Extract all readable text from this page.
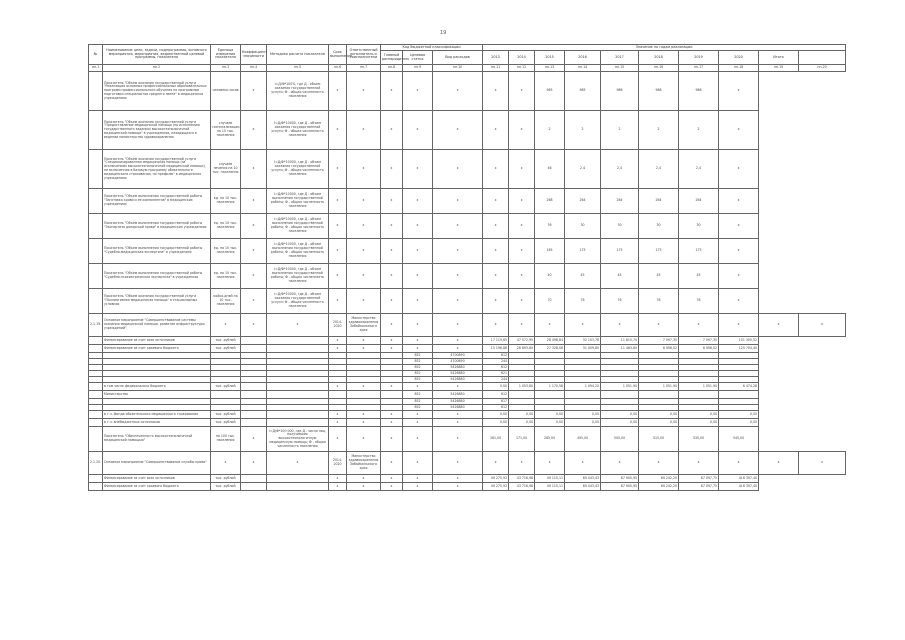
19
№	Наименование цели, задачи, подпрограммы, основного мероприятия, мероприятия, ведомственной целевой программы, показателя	Единица измерения показателя	Коэффициент значимости	Методика расчета показателя	Срок выполнения	Ответственный исполнитель и соисполнители	Код бюджетной классификации			Значение по годам реализации									
							Главный распорядитель	Целевая статья	Вид расходов	2013	2014	2015	2016	2017	2018	2019	2020	Итого	
пп.1	пп.2	пп.3	пп.4	пп.5	пп.6	пп.7	пп.8	пп.9	пп.10	пп.11	пп.12	пп.13	пп.14	пп.15	пп.16	пп.17	пп.18	пп.19	пп.20
	Показатель "Объем оказания государственной услуги "Реализация основных профессиональных образовательных программ профессионального обучения по программам подготовки специалистов среднего звена" в медицинских учреждениях	человеко-часов	х	I=Д/Ф*100%, где Д - объем оказания государственной услуги; Ф - общая численность населения	х	х	х	х	х	х	х	965	985	986	988	986	х		
	Показатель "Объем оказания государственной услуги "Предоставление медицинской помощи (по исполнению государственного задания) высокотехнологичной медицинской помощи" в учреждениях, находящихся в ведении министерства здравоохранения	случаев госпитализации на 10 тыс. населения	х	I=Д/Ф*10000, где Д - объем оказания государственной услуги; Ф - общая численность населения	х	х	х	х	х	х	х	2	2	2	2	2	х		
	Показатель "Объем оказания государственной услуги "Специализированная медицинская помощь (за исключением высокотехнологичной медицинской помощи), не включенная в базовую программу обязательного медицинского страхования, по профилю" в медицинских учреждениях	случаев лечения на 10 тыс. населения	х	I=Д/Ф*10000, где Д - объем оказания государственной услуги; Ф - общая численность населения	х	х	х	х	х	х	х	46	2,4	2,4	2,4	2,4	х		
	Показатель "Объем выполнения государственной работы "Заготовка крови и ее компонентов" в медицинских учреждениях	ед. на 10 тыс. населения	х	I=Д/Ф*10000, где Д - объем выполнения государственной работы; Ф - общая численность населения	х	х	х	х	х	х	х	268	264	264	264	264	х		
	Показатель "Объем выполнения государственной работы "Экспертиза донорской крови" в медицинских учреждениях	ед. на 10 тыс. населения	х	I=Д/Ф*10000, где Д - объем выполнения государственной работы; Ф - общая численность населения	х	х	х	х	х	х	х	39	30	30	30	30	х		
	Показатель "Объем выполнения государственной работы "Судебно-медицинская экспертиза" в учреждениях	ед. на 10 тыс. населения	х	I=Д/Ф*10000, где Д - объем выполнения государственной работы; Ф - общая численность населения	х	х	х	х	х	х	х	165	175	175	175	175	х		
	Показатель "Объем выполнения государственной работы "Судебно-психиатрическая экспертиза" в учреждениях	ед. на 10 тыс. населения	х	I=Д/Ф*10000, где Д - объем выполнения государственной работы; Ф - общая численность населения	х	х	х	х	х	х	х	40	45	45	45	45	х		
	Показатель "Объем оказания государственной услуги "Паллиативная медицинская помощь" в стационарных условиях	койко-дней на 10 тыс. населения	х	I=Д/Ф*10000, где Д - объем оказания государственной услуги; Ф - общая численность населения	х	х	х	х	х	х	х	70	76	76	76	76	х		
2.1.19.	Основное мероприятие "Совершенствование системы оказания медицинской помощи, развитие инфраструктуры учреждений"	х	х	х	2014-2020	Министерство здравоохранения Забайкальского края	х	х	х	х	х	х	х	х	х	х	х	х	х
	Финансирование за счет всех источников	тыс. рублей			х	х	х	х	х	17 119,65	47 572,95	28 498,84	32 103,78	11 815,70	7 097,30	7 097,30	151 305,52		
	Финансирование за счет краевого бюджета	тыс. рублей			х	х	х	х	х	15 196,88	26 893,80	27 328,08	31 009,80	11 463,80	6 906,02	6 906,02	125 704,40		
								852	4700890	612									
								852	4700890	244									
								852	5426880	612									
								852	5426880	621									
								852	5426880	244									
	в том числе федерального бюджета	тыс. рублей			х	х	х	х	х	0,00	1 053,80	1 170,58	1 094,20	1 051,90	1 051,90	1 051,90	6 474,28		
	Министерство							852	5426880	612									
								852	5426880	617									
								852	5426880	612									
	в т.ч. Фонда обязательного медицинского страхования	тыс. рублей			х	х	х	х	х	0,00	0,00	0,00	0,00	0,00	0,00	0,00	0,00		
	в т.ч. внебюджетных источников	тыс. рублей			х	х	х	х	х	0,00	0,00	0,00	0,00	0,00	0,00	0,00	0,00		
	Показатель "Обеспеченность высокотехнологичной медицинской помощью"	на 100 тыс. населения	х	I=Д/Ф*100 000, где Д - число лиц, получивших высокотехнологичную медицинскую помощь; Ф - общая численность населения	х	х	х	х	х	161,00	171,00	285,00	495,00	500,00	515,00	530,00	545,00		
2.1.20.	Основное мероприятие "Совершенствование службы крови"	х	х	х	2014-2020	Министерство здравоохранения Забайкальского края	х	х	х	х	х	х	х	х	х	х	х	х	х
	Финансирование за счет всех источников	тыс. рублей			х	х	х	х	х	49 275,93	43 716,98	49 115,11	69 043,43	67 905,95	69 242,20	67 097,75	416 397,40		
	Финансирование за счет краевого бюджета	тыс. рублей			х	х	х	х	х	49 275,93	43 716,98	49 115,11	69 043,43	67 905,95	69 242,20	67 097,75	416 397,40		
